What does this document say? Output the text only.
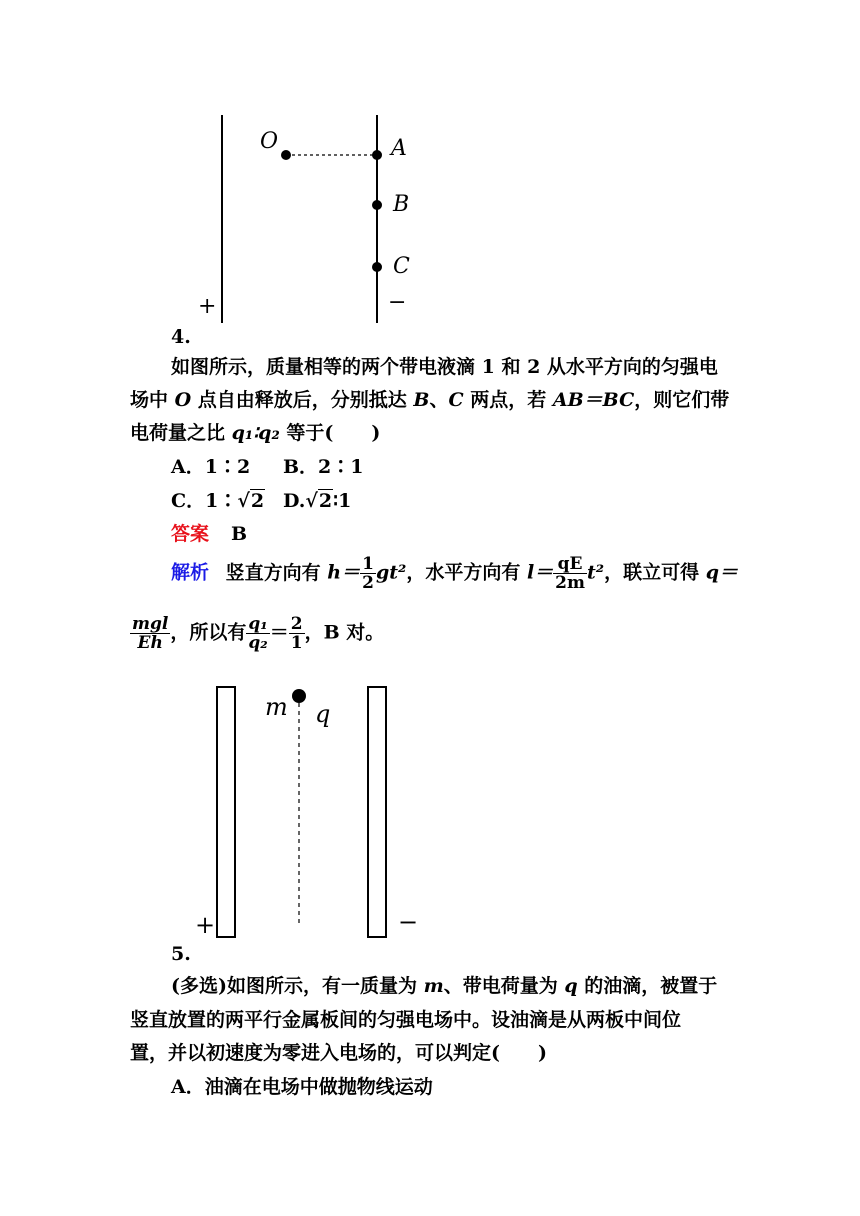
O	A
B
C
+	−
4.
如图所示，质量相等的两个带电液滴 1 和 2 从水平方向的匀强电
场中 O 点自由释放后，分别抵达 B、C 两点，若 AB＝BC，则它们带
电荷量之比 q₁∶q₂ 等于(　　)
A．1∶2 B．2∶1
C．1∶√2 D.√2∶1
答案 B
解析 竖直方向有 $h= \frac{1}{2} gt^2$，水平方向有 $l= \frac{qE}{2m} t^2$，联立可得 q＝
$\frac{\text{mgl}}{Eh}$ ，所以有 $\frac{\text{q₁}}{\text{q₂}} = \frac{2}{1}$ ，B 对。
m q
+	−
5.
(多选)如图所示，有一质量为 m、带电荷量为 q 的油滴，被置于
竖直放置的两平行金属板间的匀强电场中。设油滴是从两板中间位
置，并以初速度为零进入电场的，可以判定(　　)
A．油滴在电场中做抛物线运动
